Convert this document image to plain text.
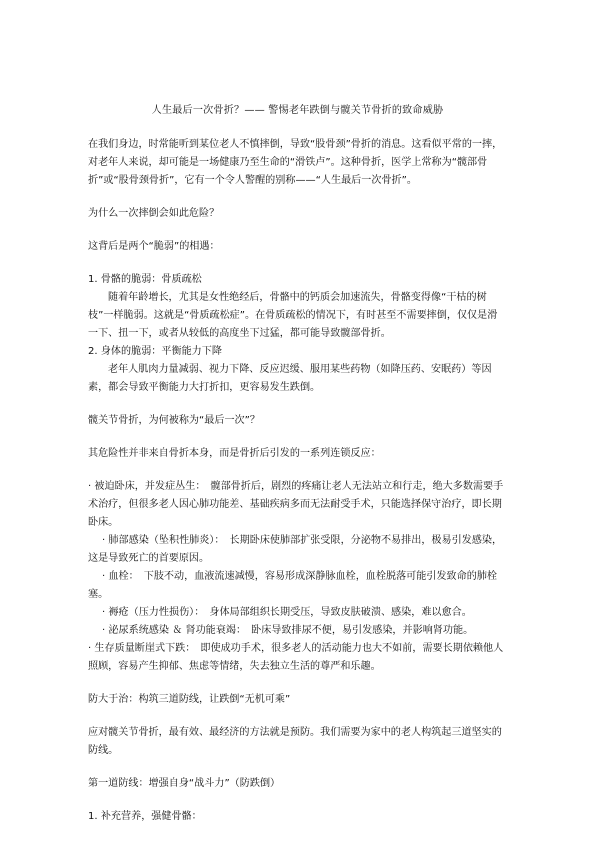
人生最后一次骨折？—— 警惕老年跌倒与髋关节骨折的致命威胁

在我们身边，时常能听到某位老人不慎摔倒，导致“股骨颈”骨折的消息。这看似平常的一摔，对老年人来说，却可能是一场健康乃至生命的“滑铁卢”。这种骨折，医学上常称为“髋部骨折”或“股骨颈骨折”，它有一个令人警醒的别称——“人生最后一次骨折”。

为什么一次摔倒会如此危险？

这背后是两个“脆弱”的相遇：

1. 骨骼的脆弱：骨质疏松

随着年龄增长，尤其是女性绝经后，骨骼中的钙质会加速流失，骨骼变得像“干枯的树枝”一样脆弱。这就是“骨质疏松症”。在骨质疏松的情况下，有时甚至不需要摔倒，仅仅是滑一下、扭一下，或者从较低的高度坐下过猛，都可能导致髋部骨折。

2. 身体的脆弱：平衡能力下降

老年人肌肉力量减弱、视力下降、反应迟缓、服用某些药物（如降压药、安眠药）等因素，都会导致平衡能力大打折扣，更容易发生跌倒。

髋关节骨折，为何被称为“最后一次”？

其危险性并非来自骨折本身，而是骨折后引发的一系列连锁反应：

· 被迫卧床，并发症丛生：　髋部骨折后，剧烈的疼痛让老人无法站立和行走，绝大多数需要手术治疗，但很多老人因心肺功能差、基础疾病多而无法耐受手术，只能选择保守治疗，即长期卧床。

· 肺部感染（坠积性肺炎）：　长期卧床使肺部扩张受限，分泌物不易排出，极易引发感染，这是导致死亡的首要原因。

· 血栓：　下肢不动，血液流速减慢，容易形成深静脉血栓，血栓脱落可能引发致命的肺栓塞。

· 褥疮（压力性损伤）：　身体局部组织长期受压，导致皮肤破溃、感染，难以愈合。

· 泌尿系统感染 ＆ 肾功能衰竭：　卧床导致排尿不便，易引发感染，并影响肾功能。

· 生存质量断崖式下跌：　即使成功手术，很多老人的活动能力也大不如前，需要长期依赖他人照顾，容易产生抑郁、焦虑等情绪，失去独立生活的尊严和乐趣。

防大于治：构筑三道防线，让跌倒“无机可乘”

应对髋关节骨折，最有效、最经济的方法就是预防。我们需要为家中的老人构筑起三道坚实的防线。

第一道防线：增强自身“战斗力”（防跌倒）

1. 补充营养，强健骨骼：
